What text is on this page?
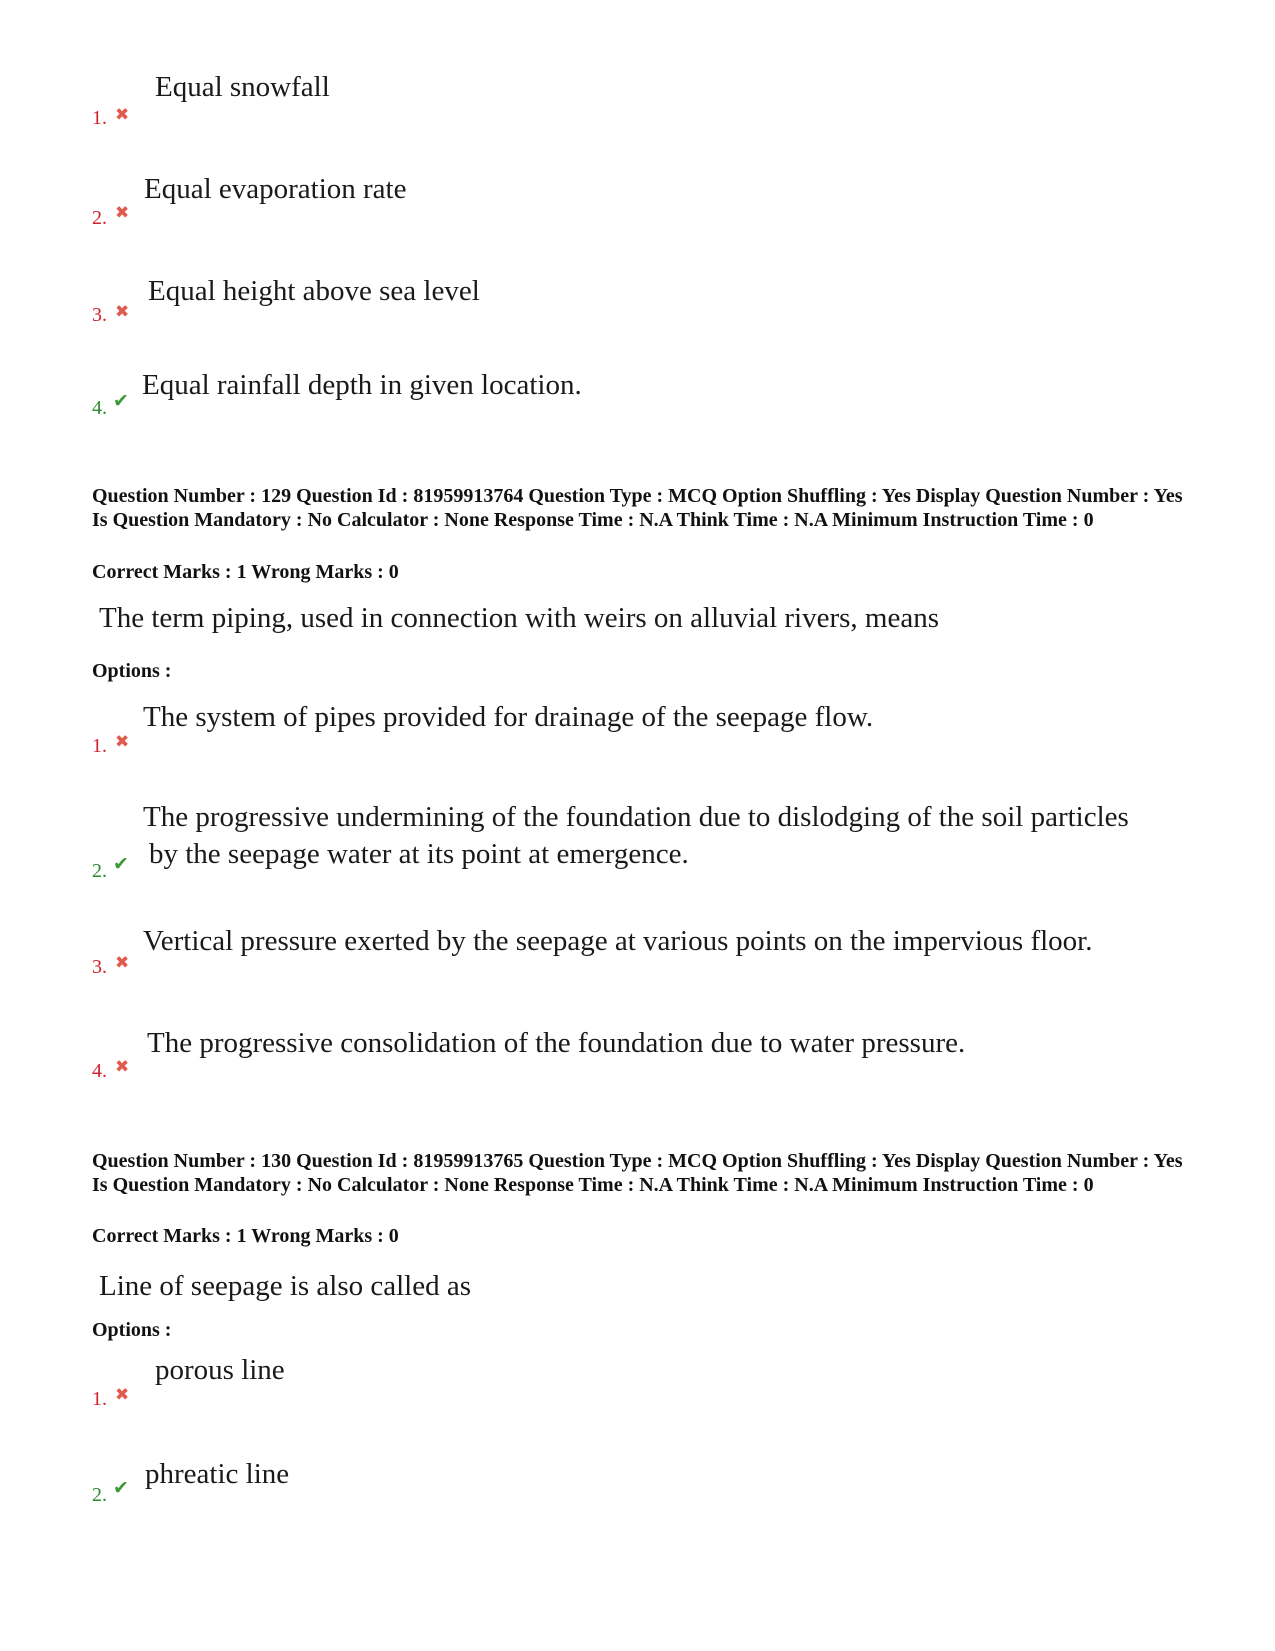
Equal snowfall
1. ✖
Equal evaporation rate
2. ✖
Equal height above sea level
3. ✖
Equal rainfall depth in given location.
4. ✔
Question Number : 129 Question Id : 81959913764 Question Type : MCQ Option Shuffling : Yes Display Question Number : Yes Is Question Mandatory : No Calculator : None Response Time : N.A Think Time : N.A Minimum Instruction Time : 0
Correct Marks : 1 Wrong Marks : 0
The term piping, used in connection with weirs on alluvial rivers, means
Options :
The system of pipes provided for drainage of the seepage flow.
1. ✖
The progressive undermining of the foundation due to dislodging of the soil particles
by the seepage water at its point at emergence.
2. ✔
Vertical pressure exerted by the seepage at various points on the impervious floor.
3. ✖
The progressive consolidation of the foundation due to water pressure.
4. ✖
Question Number : 130 Question Id : 81959913765 Question Type : MCQ Option Shuffling : Yes Display Question Number : Yes Is Question Mandatory : No Calculator : None Response Time : N.A Think Time : N.A Minimum Instruction Time : 0
Correct Marks : 1 Wrong Marks : 0
Line of seepage is also called as
Options :
porous line
1. ✖
phreatic line
2. ✔
